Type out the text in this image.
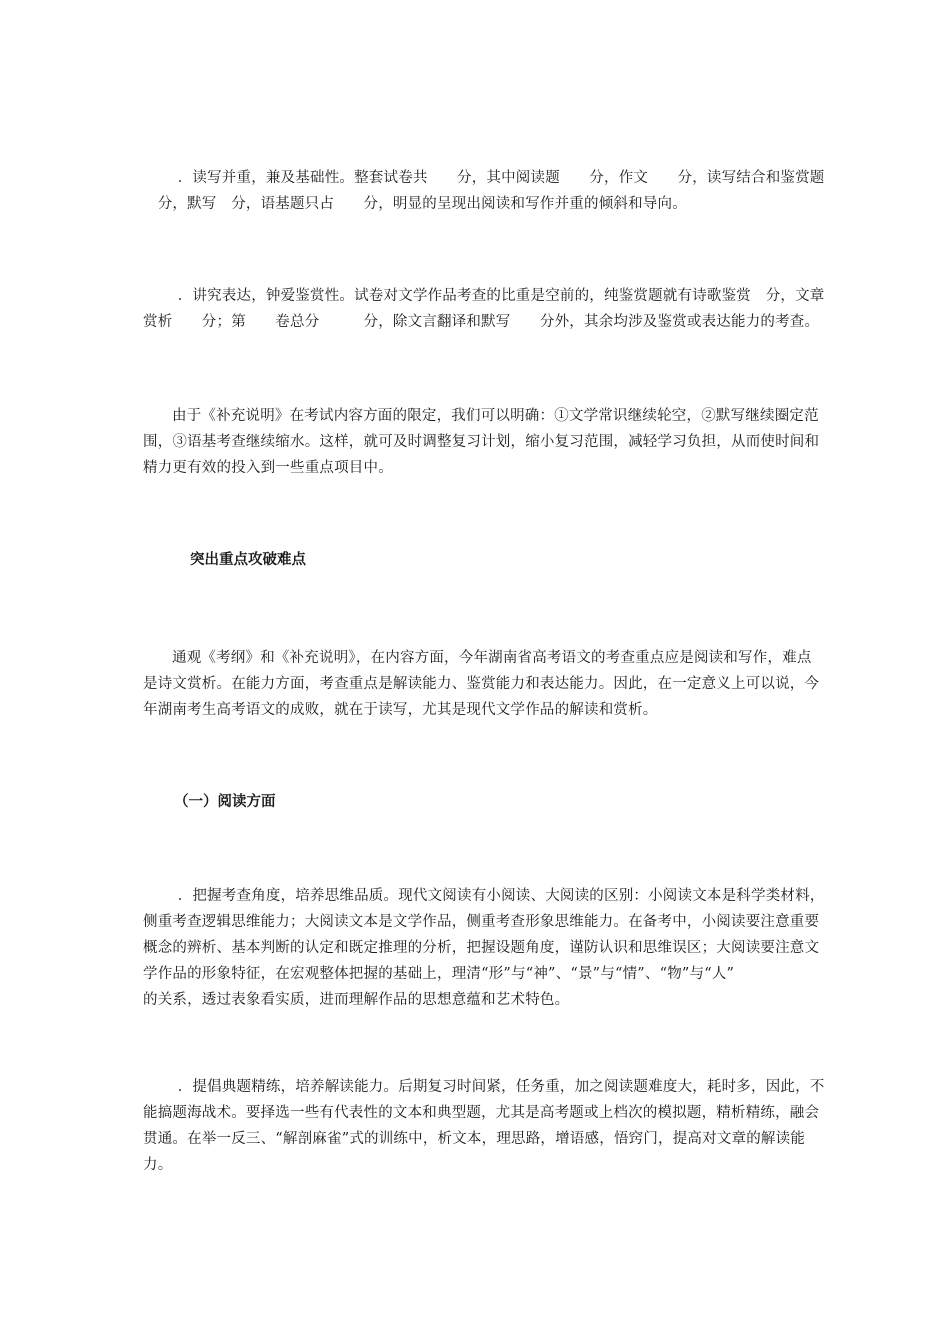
　．读写并重，兼及基础性。整套试卷共　　分，其中阅读题　　分，作文　　分，读写结合和鉴赏题
　分，默写　分，语基题只占　　分，明显的呈现出阅读和写作并重的倾斜和导向。

　．讲究表达，钟爱鉴赏性。试卷对文学作品考查的比重是空前的，纯鉴赏题就有诗歌鉴赏　分，文章
赏析　　分；第　　卷总分　　　分，除文言翻译和默写　　分外，其余均涉及鉴赏或表达能力的考查。

由于《补充说明》在考试内容方面的限定，我们可以明确：①文学常识继续轮空，②默写继续圈定范
围，③语基考查继续缩水。这样，就可及时调整复习计划，缩小复习范围，减轻学习负担，从而使时间和
精力更有效的投入到一些重点项目中。

突出重点攻破难点

通观《考纲》和《补充说明》，在内容方面，今年湖南省高考语文的考查重点应是阅读和写作，难点
是诗文赏析。在能力方面，考查重点是解读能力、鉴赏能力和表达能力。因此，在一定意义上可以说，今
年湖南考生高考语文的成败，就在于读写，尤其是现代文学作品的解读和赏析。

（一）阅读方面

　．把握考查角度，培养思维品质。现代文阅读有小阅读、大阅读的区别：小阅读文本是科学类材料，
侧重考查逻辑思维能力；大阅读文本是文学作品，侧重考查形象思维能力。在备考中，小阅读要注意重要
概念的辨析、基本判断的认定和既定推理的分析，把握设题角度，谨防认识和思维误区；大阅读要注意文
学作品的形象特征，在宏观整体把握的基础上，理清“形”与“神”、“景”与“情”、“物”与“人”
的关系，透过表象看实质，进而理解作品的思想意蕴和艺术特色。

　．提倡典题精练，培养解读能力。后期复习时间紧，任务重，加之阅读题难度大，耗时多，因此，不
能搞题海战术。要择选一些有代表性的文本和典型题，尤其是高考题或上档次的模拟题，精析精练，融会
贯通。在举一反三、“解剖麻雀”式的训练中，析文本，理思路，增语感，悟窍门，提高对文章的解读能
力。
